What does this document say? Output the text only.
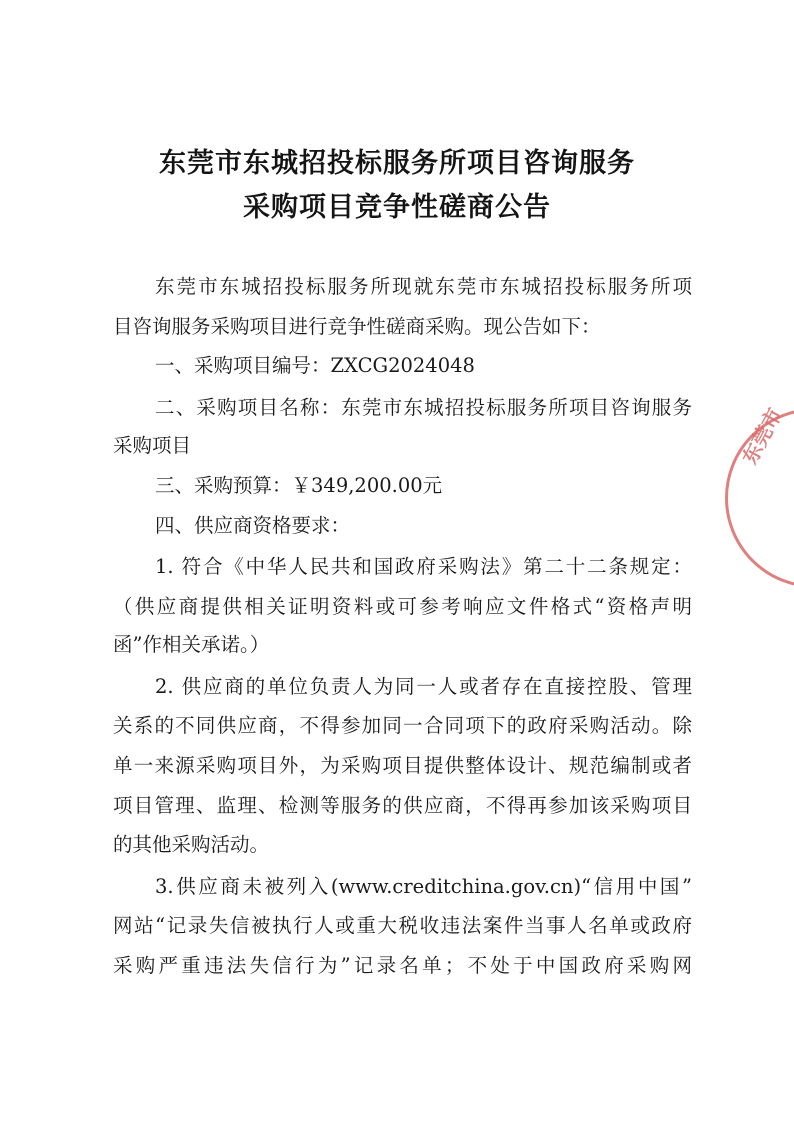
东莞市东城招投标服务所项目咨询服务
采购项目竞争性磋商公告
东莞市东城招投标服务所现就东莞市东城招投标服务所项
目咨询服务采购项目进行竞争性磋商采购。现公告如下：
一、采购项目编号：ZXCG2024048
二、采购项目名称：东莞市东城招投标服务所项目咨询服务
采购项目
三、采购预算：￥349,200.00元
四、供应商资格要求：
1. 符合《中华人民共和国政府采购法》第二十二条规定：
（供应商提供相关证明资料或可参考响应文件格式“资格声明
函”作相关承诺。）
2. 供应商的单位负责人为同一人或者存在直接控股、管理
关系的不同供应商，不得参加同一合同项下的政府采购活动。除
单一来源采购项目外，为采购项目提供整体设计、规范编制或者
项目管理、监理、检测等服务的供应商，不得再参加该采购项目
的其他采购活动。
3.供应商未被列入(www.creditchina.gov.cn)“信用中国”
网站“记录失信被执行人或重大税收违法案件当事人名单或政府
采购严重违法失信行为”记录名单；不处于中国政府采购网
东莞市
